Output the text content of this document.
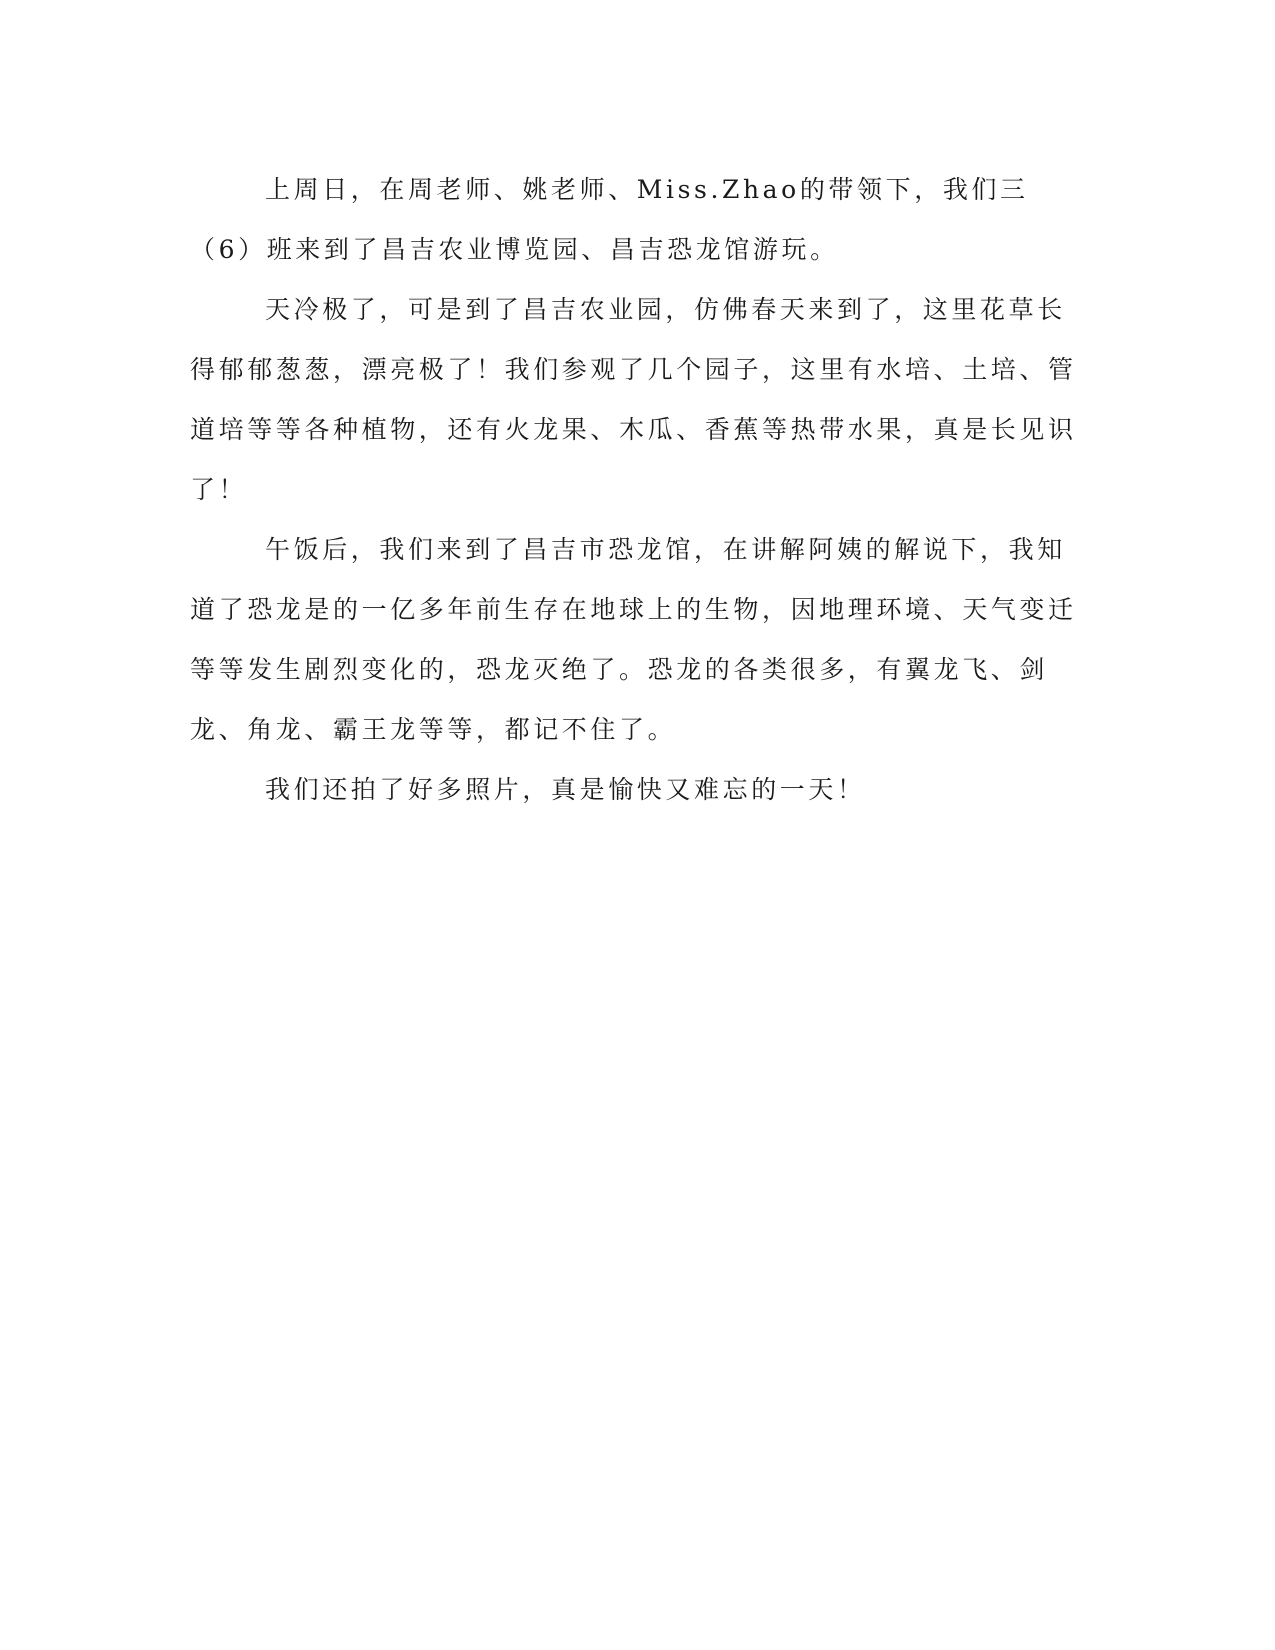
上周日，在周老师、姚老师、Miss.Zhao的带领下，我们三（6）班来到了昌吉农业博览园、昌吉恐龙馆游玩。

天冷极了，可是到了昌吉农业园，仿佛春天来到了，这里花草长得郁郁葱葱，漂亮极了！我们参观了几个园子，这里有水培、土培、管道培等等各种植物，还有火龙果、木瓜、香蕉等热带水果，真是长见识了！

午饭后，我们来到了昌吉市恐龙馆，在讲解阿姨的解说下，我知道了恐龙是的一亿多年前生存在地球上的生物，因地理环境、天气变迁等等发生剧烈变化的，恐龙灭绝了。恐龙的各类很多，有翼龙飞、剑龙、角龙、霸王龙等等，都记不住了。

我们还拍了好多照片，真是愉快又难忘的一天！
